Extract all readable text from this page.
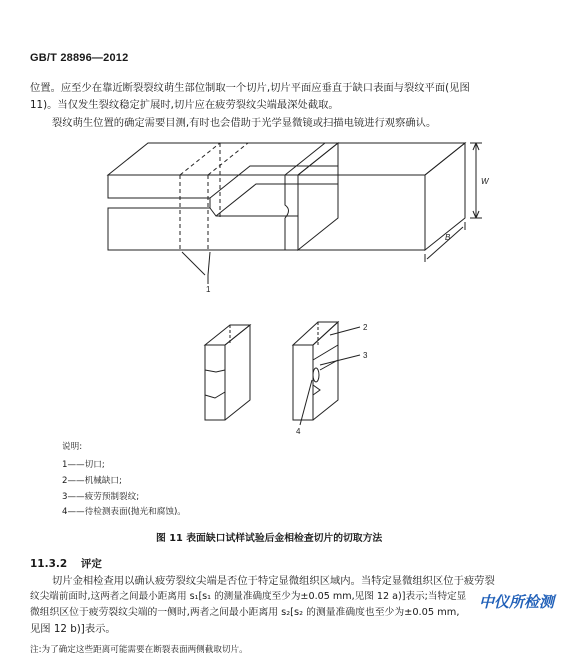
GB/T 28896—2012
位置。应至少在靠近断裂裂纹萌生部位制取一个切片,切片平面应垂直于缺口表面与裂纹平面(见图
11)。当仅发生裂纹稳定扩展时,切片应在疲劳裂纹尖端最深处截取。
裂纹萌生位置的确定需要目测,有时也会借助于光学显微镜或扫描电镜进行观察确认。
1
2
3
4
W
B
说明:
1——切口;
2——机械缺口;
3——疲劳预制裂纹;
4——待检测表面(抛光和腐蚀)。
图 11 表面缺口试样试验后金相检查切片的切取方法
11.3.2 评定
切片金相检查用以确认疲劳裂纹尖端是否位于特定显微组织区域内。当特定显微组织区位于疲劳裂
纹尖端前面时,这两者之间最小距离用 s₁[s₁ 的测量准确度至少为±0.05 mm,见图 12 a)]表示;当特定显
微组织区位于疲劳裂纹尖端的一侧时,两者之间最小距离用 s₂[s₂ 的测量准确度也至少为±0.05 mm,
见图 12 b)]表示。
注:为了确定这些距离可能需要在断裂表面两侧截取切片。
中仪所检测
